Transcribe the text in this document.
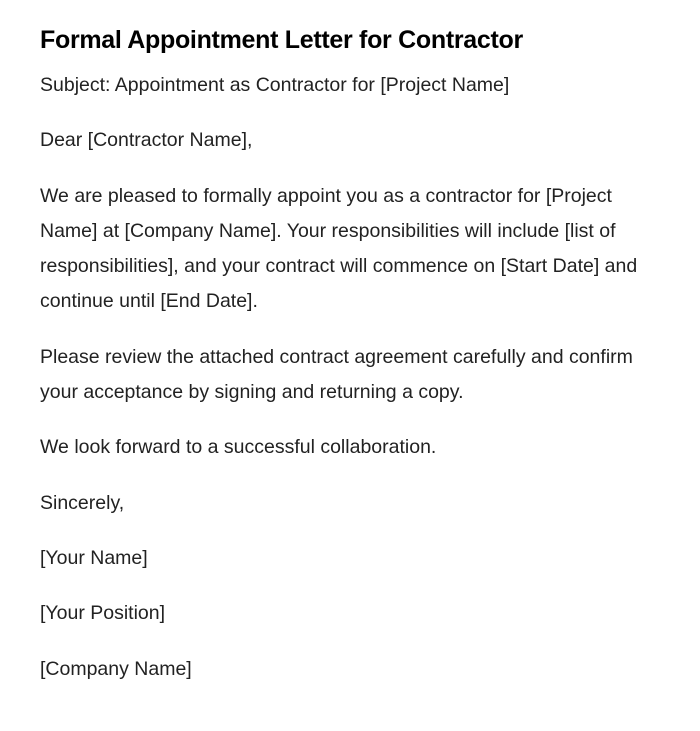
Formal Appointment Letter for Contractor

Subject: Appointment as Contractor for [Project Name]

Dear [Contractor Name],

We are pleased to formally appoint you as a contractor for [Project Name] at [Company Name]. Your responsibilities will include [list of responsibilities], and your contract will commence on [Start Date] and continue until [End Date].

Please review the attached contract agreement carefully and confirm your acceptance by signing and returning a copy.

We look forward to a successful collaboration.

Sincerely,

[Your Name]

[Your Position]

[Company Name]
